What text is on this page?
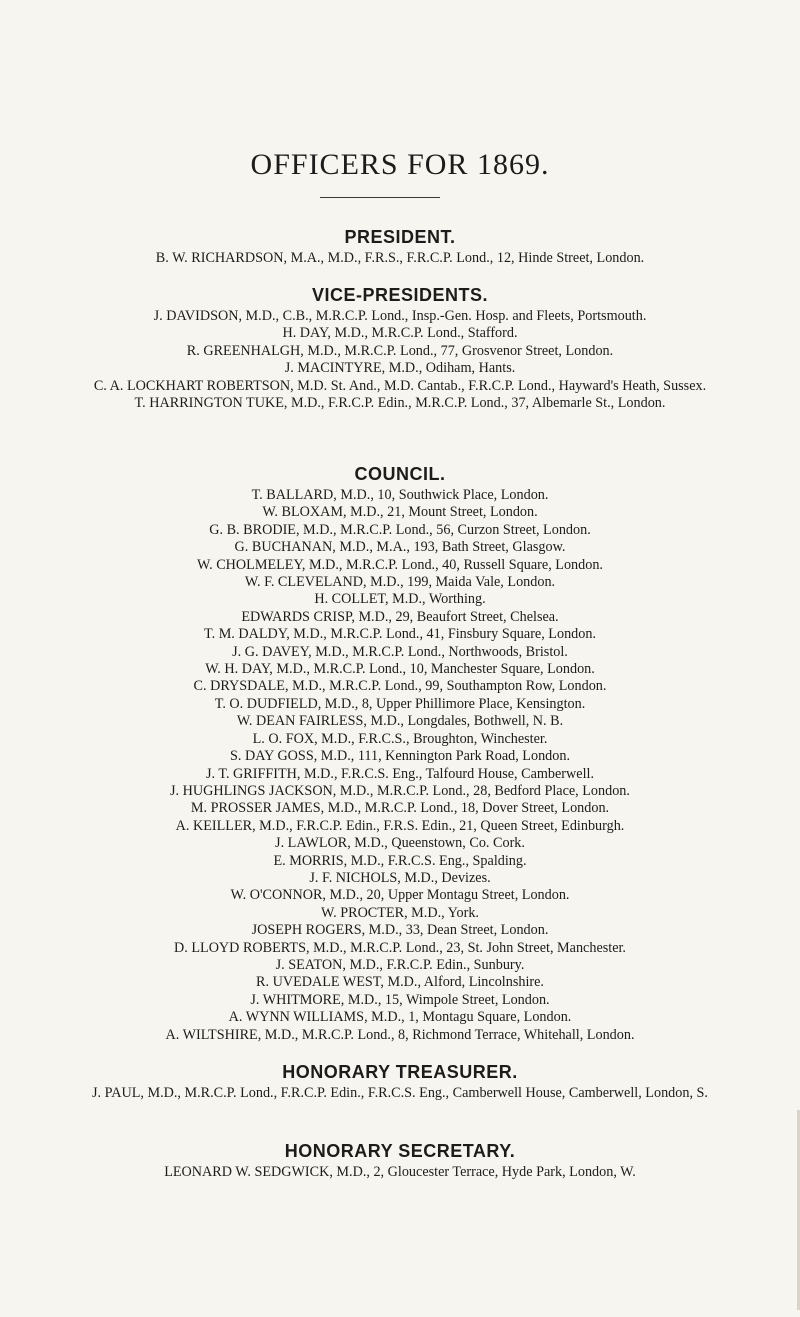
OFFICERS FOR 1869.
PRESIDENT.
B. W. RICHARDSON, M.A., M.D., F.R.S., F.R.C.P. Lond., 12, Hinde Street, London.
VICE-PRESIDENTS.
J. DAVIDSON, M.D., C.B., M.R.C.P. Lond., Insp.-Gen. Hosp. and Fleets, Portsmouth.
H. DAY, M.D., M.R.C.P. Lond., Stafford.
R. GREENHALGH, M.D., M.R.C.P. Lond., 77, Grosvenor Street, London.
J. MACINTYRE, M.D., Odiham, Hants.
C. A. LOCKHART ROBERTSON, M.D. St. And., M.D. Cantab., F.R.C.P. Lond., Hayward's Heath, Sussex.
T. HARRINGTON TUKE, M.D., F.R.C.P. Edin., M.R.C.P. Lond., 37, Albemarle St., London.
COUNCIL.
T. BALLARD, M.D., 10, Southwick Place, London.
W. BLOXAM, M.D., 21, Mount Street, London.
G. B. BRODIE, M.D., M.R.C.P. Lond., 56, Curzon Street, London.
G. BUCHANAN, M.D., M.A., 193, Bath Street, Glasgow.
W. CHOLMELEY, M.D., M.R.C.P. Lond., 40, Russell Square, London.
W. F. CLEVELAND, M.D., 199, Maida Vale, London.
H. COLLET, M.D., Worthing.
EDWARDS CRISP, M.D., 29, Beaufort Street, Chelsea.
T. M. DALDY, M.D., M.R.C.P. Lond., 41, Finsbury Square, London.
J. G. DAVEY, M.D., M.R.C.P. Lond., Northwoods, Bristol.
W. H. DAY, M.D., M.R.C.P. Lond., 10, Manchester Square, London.
C. DRYSDALE, M.D., M.R.C.P. Lond., 99, Southampton Row, London.
T. O. DUDFIELD, M.D., 8, Upper Phillimore Place, Kensington.
W. DEAN FAIRLESS, M.D., Longdales, Bothwell, N. B.
L. O. FOX, M.D., F.R.C.S., Broughton, Winchester.
S. DAY GOSS, M.D., 111, Kennington Park Road, London.
J. T. GRIFFITH, M.D., F.R.C.S. Eng., Talfourd House, Camberwell.
J. HUGHLINGS JACKSON, M.D., M.R.C.P. Lond., 28, Bedford Place, London.
M. PROSSER JAMES, M.D., M.R.C.P. Lond., 18, Dover Street, London.
A. KEILLER, M.D., F.R.C.P. Edin., F.R.S. Edin., 21, Queen Street, Edinburgh.
J. LAWLOR, M.D., Queenstown, Co. Cork.
E. MORRIS, M.D., F.R.C.S. Eng., Spalding.
J. F. NICHOLS, M.D., Devizes.
W. O'CONNOR, M.D., 20, Upper Montagu Street, London.
W. PROCTER, M.D., York.
JOSEPH ROGERS, M.D., 33, Dean Street, London.
D. LLOYD ROBERTS, M.D., M.R.C.P. Lond., 23, St. John Street, Manchester.
J. SEATON, M.D., F.R.C.P. Edin., Sunbury.
R. UVEDALE WEST, M.D., Alford, Lincolnshire.
J. WHITMORE, M.D., 15, Wimpole Street, London.
A. WYNN WILLIAMS, M.D., 1, Montagu Square, London.
A. WILTSHIRE, M.D., M.R.C.P. Lond., 8, Richmond Terrace, Whitehall, London.
HONORARY TREASURER.
J. PAUL, M.D., M.R.C.P. Lond., F.R.C.P. Edin., F.R.C.S. Eng., Camberwell House, Camberwell, London, S.
HONORARY SECRETARY.
LEONARD W. SEDGWICK, M.D., 2, Gloucester Terrace, Hyde Park, London, W.
